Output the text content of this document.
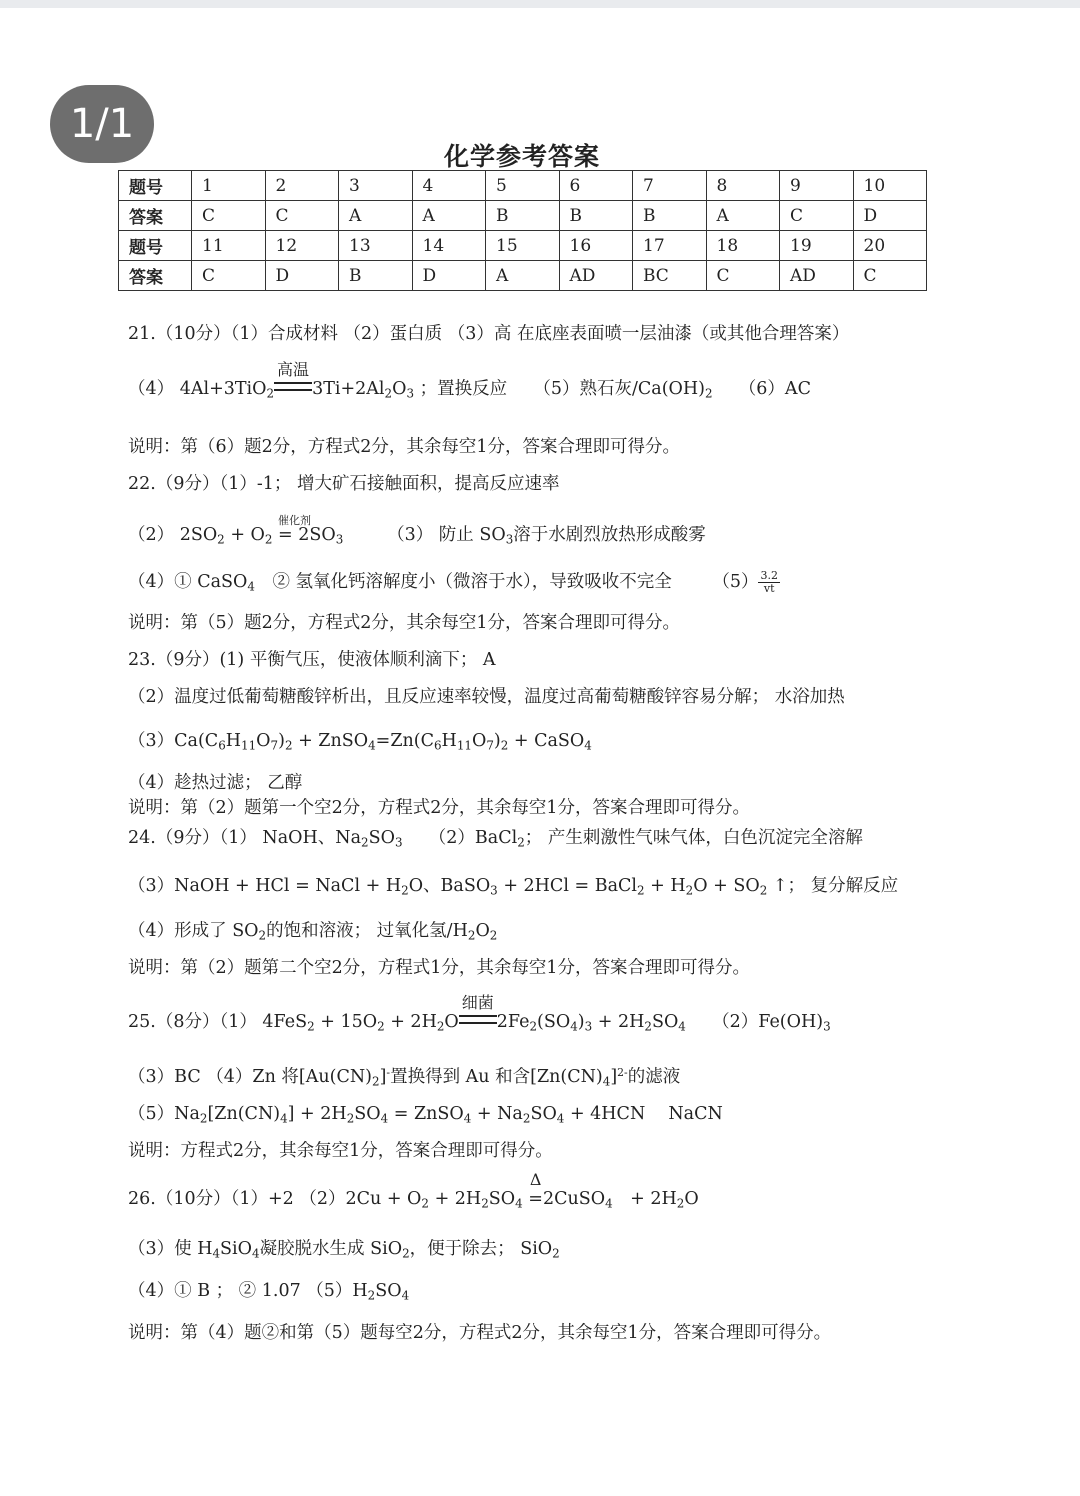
1/1
化学参考答案
题号	1	2	3	4	5	6	7	8	9	10
答案	C	C	A	A	B	B	B	A	C	D
题号	11	12	13	14	15	16	17	18	19	20
答案	C	D	B	D	A	AD	BC	C	AD	C
21.（10分）（1）合成材料 （2）蛋白质 （3）高 在底座表面喷一层油漆（或其他合理答案）
（4） 4Al+3TiO$_2$
高温
$3Ti+2Al_2O_3$ ；置换反应　　 （5）熟石灰$/Ca(OH)_2$　　 （6）AC
说明：第（6）题2分，方程式2分，其余每空1分，答案合理即可得分。
22.（9分）（1）-1； 增大矿石接触面积，提高反应速率
（2） $2SO_2 + O_2$
催化剂
= $2SO_3$　　　	（3） 防止 $SO_3$溶于水剧烈放热形成酸雾
（4）① CaSO$_4$　 ② 氢氧化钙溶解度小（微溶于水），导致吸收不完全　　 $(5) \frac{3.2}{vt}$
说明：第（5）题2分，方程式2分，其余每空1分，答案合理即可得分。
23.（9分）(1) 平衡气压，使液体顺利滴下； A
（2）温度过低葡萄糖酸锌析出，且反应速率较慢，温度过高葡萄糖酸锌容易分解； 水浴加热
$(3)Ca(C_6H_{11}O_7)_2$ + $ZnSO_4=Zn(C_6H_{11}O_7)_2$ + CaSO$_4$
（4）趁热过滤； 乙醇
说明：第（2）题第一个空2分，方程式2分，其余每空1分，答案合理即可得分。
24.（9分）（1） NaOH、$Na_2SO_3$　　 （2）BaCl$_2$； 产生刺激性气味气体，白色沉淀完全溶解
（3）NaOH + HCl = NaCl + $H_2O$、BaSO$_3$ + 2HCl = BaCl$_2$ + $H_2O + SO_2$ ↑； 复分解反应
（4）形成了 $SO_2$的饱和溶液； 过氧化氢$/H_2O_2$
说明：第（2）题第二个空2分，方程式1分，其余每空1分，答案合理即可得分。
25.（8分）（1） $4FeS_2 + 15O_2 + 2H_2O$
细菌
$2Fe_2(SO_4)_3 + 2H_2SO_4$　　 $(2)Fe(OH)_3$
（3）BC （4）Zn 将$[Au(CN)_2]^-$置换得到 Au 和含$[Zn(CN)_4]^{2-}$的滤液
$(5)Na_2[Zn(CN)_4] + 2H_2SO_4$ = ZnSO$_4$ + $Na_2SO_4 + 4HCN$　 NaCN
说明：方程式2分，其余每空1分，答案合理即可得分。
26.（10分）（1）+2 $(2)2Cu + O_2 + 2H_2SO_4$
Δ
=2CuSO$_4$　+ $2H_2O$
（3）使 $H_4SiO_4$凝胶脱水生成 SiO$_2$，便于除去； SiO$_2$
（4）① B ； ② 1.07 $(5)H_2SO_4$
说明：第（4）题②和第（5）题每空2分，方程式2分，其余每空1分，答案合理即可得分。
